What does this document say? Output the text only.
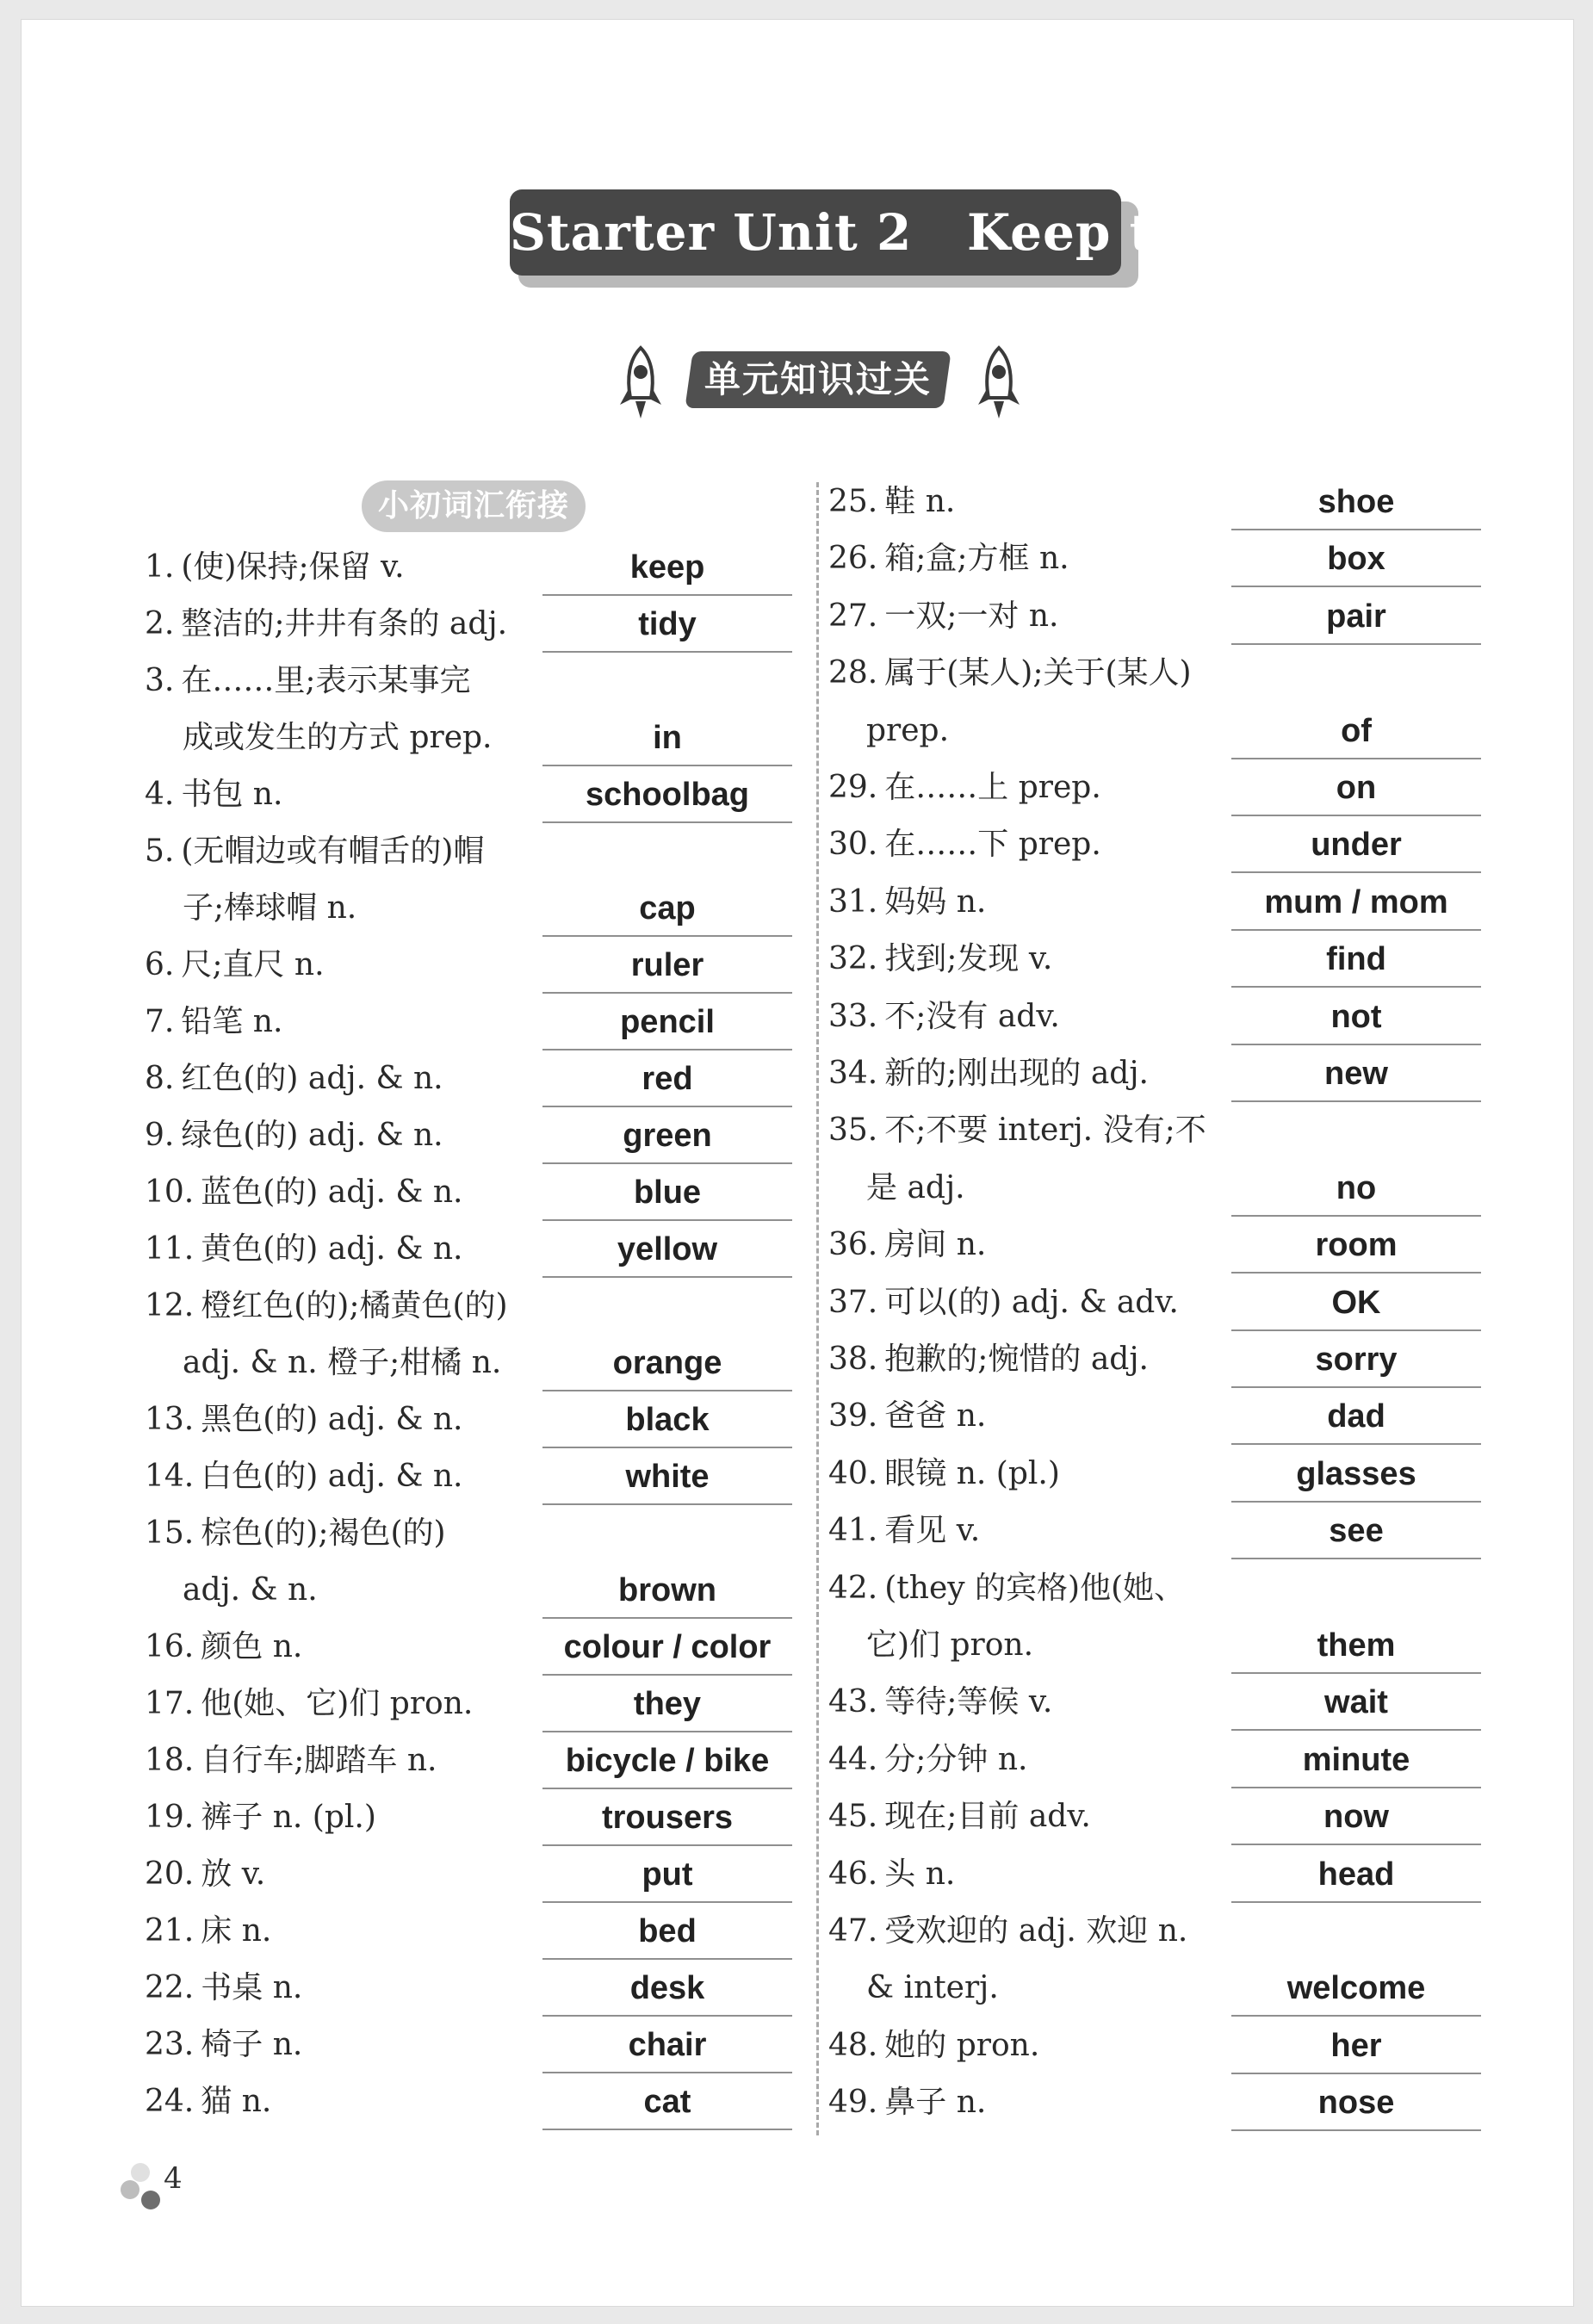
Starter Unit 2   Keep tidy
单元知识过关
小初词汇衔接
1. (使)保持;保留 v.	keep
2. 整洁的;井井有条的 adj.	tidy
3. 在……里;表示某事完
成或发生的方式 prep.	in
4. 书包 n.	schoolbag
5. (无帽边或有帽舌的)帽
子;棒球帽 n.	cap
6. 尺;直尺 n.	ruler
7. 铅笔 n.	pencil
8. 红色(的) adj. & n.	red
9. 绿色(的) adj. & n.	green
10. 蓝色(的) adj. & n.	blue
11. 黄色(的) adj. & n.	yellow
12. 橙红色(的);橘黄色(的)
adj. & n. 橙子;柑橘 n.	orange
13. 黑色(的) adj. & n.	black
14. 白色(的) adj. & n.	white
15. 棕色(的);褐色(的)
adj. & n.	brown
16. 颜色 n.	colour / color
17. 他(她、它)们 pron.	they
18. 自行车;脚踏车 n.	bicycle / bike
19. 裤子 n. (pl.)	trousers
20. 放 v.	put
21. 床 n.	bed
22. 书桌 n.	desk
23. 椅子 n.	chair
24. 猫 n.	cat
25. 鞋 n.	shoe
26. 箱;盒;方框 n.	box
27. 一双;一对 n.	pair
28. 属于(某人);关于(某人)
prep.	of
29. 在……上 prep.	on
30. 在……下 prep.	under
31. 妈妈 n.	mum / mom
32. 找到;发现 v.	find
33. 不;没有 adv.	not
34. 新的;刚出现的 adj.	new
35. 不;不要 interj. 没有;不
是 adj.	no
36. 房间 n.	room
37. 可以(的) adj. & adv.	OK
38. 抱歉的;惋惜的 adj.	sorry
39. 爸爸 n.	dad
40. 眼镜 n. (pl.)	glasses
41. 看见 v.	see
42. (they 的宾格)他(她、
它)们 pron.	them
43. 等待;等候 v.	wait
44. 分;分钟 n.	minute
45. 现在;目前 adv.	now
46. 头 n.	head
47. 受欢迎的 adj. 欢迎 n.
& interj.	welcome
48. 她的 pron.	her
49. 鼻子 n.	nose
4
